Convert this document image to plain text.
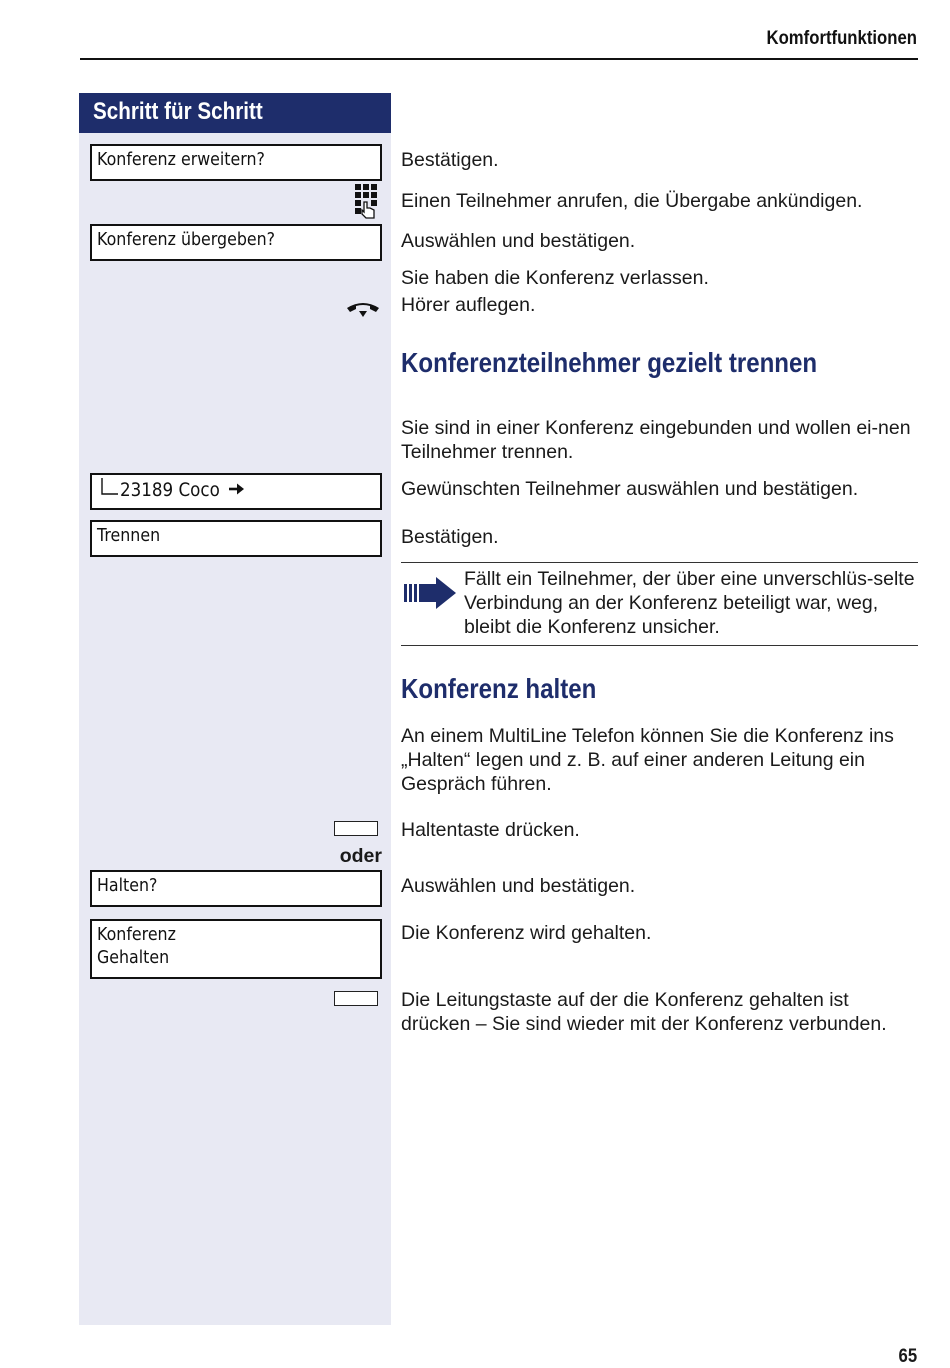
Komfortfunktionen
Schritt für Schritt
Konferenz erweitern?
Konferenz übergeben?
23189 Coco
Trennen
Halten?
Konferenz
Gehalten
oder
Bestätigen.
Einen Teilnehmer anrufen, die Übergabe ankündigen.
Auswählen und bestätigen.
Sie haben die Konferenz verlassen.
Hörer auflegen.
Konferenzteilnehmer gezielt trennen
Sie sind in einer Konferenz eingebunden und wollen ei-nen Teilnehmer trennen.
Gewünschten Teilnehmer auswählen und bestätigen.
Bestätigen.
Fällt ein Teilnehmer, der über eine unverschlüs-selte Verbindung an der Konferenz beteiligt war, weg, bleibt die Konferenz unsicher.
Konferenz halten
An einem MultiLine Telefon können Sie die Konferenz ins „Halten“ legen und z. B. auf einer anderen Leitung ein Gespräch führen.
Haltentaste drücken.
Auswählen und bestätigen.
Die Konferenz wird gehalten.
Die Leitungstaste auf der die Konferenz gehalten ist drücken – Sie sind wieder mit der Konferenz verbunden.
65
